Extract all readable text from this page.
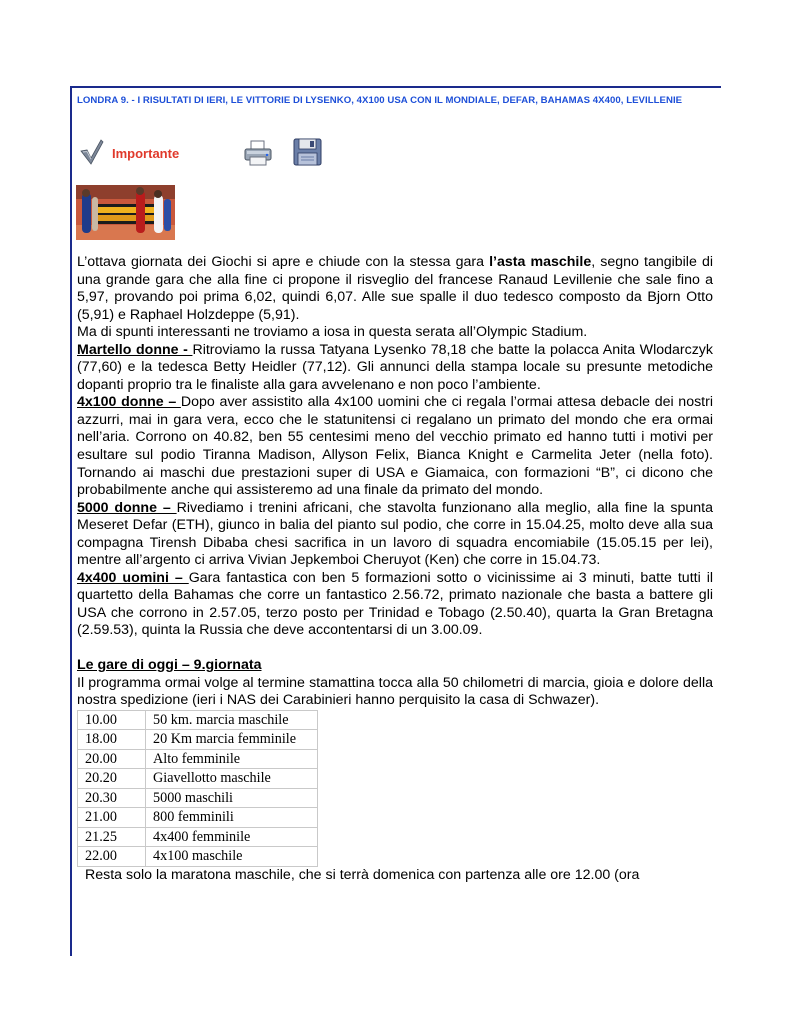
LONDRA 9. - I RISULTATI DI IERI, LE VITTORIE DI LYSENKO, 4X100 USA CON IL MONDIALE, DEFAR, BAHAMAS 4X400, LEVILLENIE
Importante

L’ottava giornata dei Giochi si apre e chiude con la stessa gara l’asta maschile, segno tangibile di una grande gara che alla fine ci propone il risveglio del francese Ranaud Levillenie che sale fino a 5,97, provando poi prima 6,02, quindi 6,07. Alle sue spalle il duo tedesco composto da Bjorn Otto (5,91) e Raphael Holzdeppe (5,91).

Ma di spunti interessanti ne troviamo a iosa in questa serata all’Olympic Stadium.

Martello donne - Ritroviamo la russa Tatyana Lysenko 78,18 che batte la polacca Anita Wlodarczyk (77,60) e la tedesca Betty Heidler (77,12). Gli annunci della stampa locale su presunte metodiche dopanti proprio tra le finaliste alla gara avvelenano e non poco l’ambiente.

4x100 donne – Dopo aver assistito alla 4x100 uomini che ci regala l’ormai attesa debacle dei nostri azzurri, mai in gara vera, ecco che le statunitensi ci regalano un primato del mondo che era ormai nell’aria. Corrono on 40.82, ben 55 centesimi meno del vecchio primato ed hanno tutti i motivi per esultare sul podio Tiranna Madison, Allyson Felix, Bianca Knight e Carmelita Jeter (nella foto). Tornando ai maschi due prestazioni super di USA e Giamaica, con formazioni “B”, ci dicono che probabilmente anche qui assisteremo ad una finale da primato del mondo.

5000 donne – Rivediamo i trenini africani, che stavolta funzionano alla meglio, alla fine la spunta Meseret Defar (ETH), giunco in balia del pianto sul podio, che corre in 15.04.25, molto deve alla sua compagna Tirensh Dibaba chesi sacrifica in un lavoro di squadra encomiabile (15.05.15 per lei), mentre all’argento ci arriva Vivian Jepkemboi Cheruyot (Ken) che corre in 15.04.73.

4x400 uomini – Gara fantastica con ben 5 formazioni sotto o vicinissime ai 3 minuti, batte tutti il quartetto della Bahamas che corre un fantastico 2.56.72, primato nazionale che basta a battere gli USA che corrono in 2.57.05, terzo posto per Trinidad e Tobago (2.50.40), quarta la Gran Bretagna (2.59.53), quinta la Russia che deve accontentarsi di un 3.00.09.

Le gare di oggi – 9.giornata

Il programma ormai volge al termine stamattina tocca alla 50 chilometri di marcia, gioia e dolore della nostra spedizione (ieri i NAS dei Carabinieri hanno perquisito la casa di Schwazer).

10.00	50 km. marcia maschile
18.00	20 Km marcia femminile
20.00	Alto femminile
20.20	Giavellotto maschile
20.30	5000 maschili
21.00	800 femminili
21.25	4x400 femminile
22.00	4x100 maschile

Resta solo la maratona maschile, che si terrà domenica con partenza alle ore 12.00 (ora
